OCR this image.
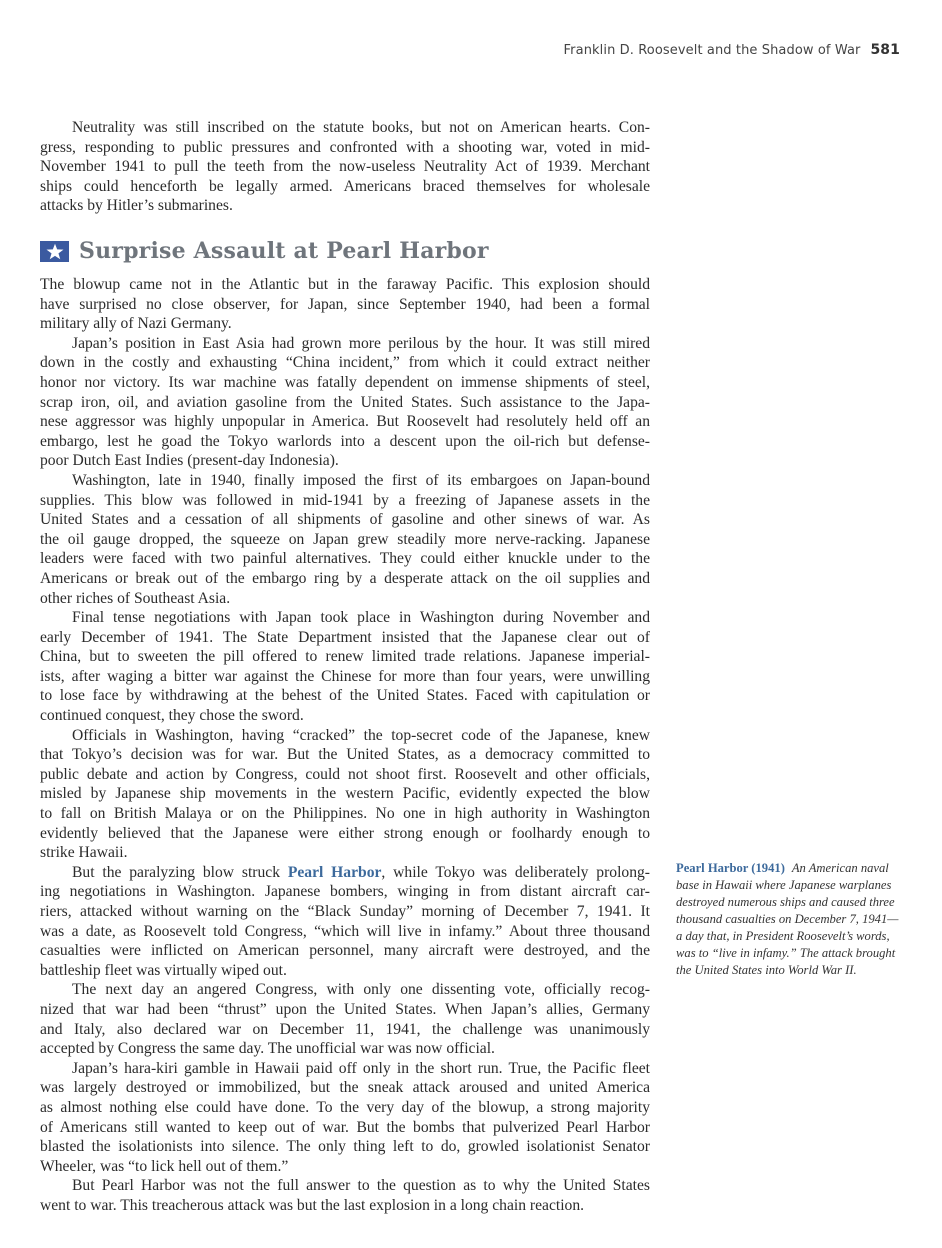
Franklin D. Roosevelt and the Shadow of War 581
Neutrality was still inscribed on the statute books, but not on American hearts. Con-
gress, responding to public pressures and confronted with a shooting war, voted in mid-
November 1941 to pull the teeth from the now-useless Neutrality Act of 1939. Merchant
ships could henceforth be legally armed. Americans braced themselves for wholesale
attacks by Hitler’s submarines.
Surprise Assault at Pearl Harbor
The blowup came not in the Atlantic but in the faraway Pacific. This explosion should
have surprised no close observer, for Japan, since September 1940, had been a formal
military ally of Nazi Germany.
Japan’s position in East Asia had grown more perilous by the hour. It was still mired
down in the costly and exhausting “China incident,” from which it could extract neither
honor nor victory. Its war machine was fatally dependent on immense shipments of steel,
scrap iron, oil, and aviation gasoline from the United States. Such assistance to the Japa-
nese aggressor was highly unpopular in America. But Roosevelt had resolutely held off an
embargo, lest he goad the Tokyo warlords into a descent upon the oil-rich but defense-
poor Dutch East Indies (present-day Indonesia).
Washington, late in 1940, finally imposed the first of its embargoes on Japan-bound
supplies. This blow was followed in mid-1941 by a freezing of Japanese assets in the
United States and a cessation of all shipments of gasoline and other sinews of war. As
the oil gauge dropped, the squeeze on Japan grew steadily more nerve-racking. Japanese
leaders were faced with two painful alternatives. They could either knuckle under to the
Americans or break out of the embargo ring by a desperate attack on the oil supplies and
other riches of Southeast Asia.
Final tense negotiations with Japan took place in Washington during November and
early December of 1941. The State Department insisted that the Japanese clear out of
China, but to sweeten the pill offered to renew limited trade relations. Japanese imperial-
ists, after waging a bitter war against the Chinese for more than four years, were unwilling
to lose face by withdrawing at the behest of the United States. Faced with capitulation or
continued conquest, they chose the sword.
Officials in Washington, having “cracked” the top-secret code of the Japanese, knew
that Tokyo’s decision was for war. But the United States, as a democracy committed to
public debate and action by Congress, could not shoot first. Roosevelt and other officials,
misled by Japanese ship movements in the western Pacific, evidently expected the blow
to fall on British Malaya or on the Philippines. No one in high authority in Washington
evidently believed that the Japanese were either strong enough or foolhardy enough to
strike Hawaii.
But the paralyzing blow struck Pearl Harbor, while Tokyo was deliberately prolong-
ing negotiations in Washington. Japanese bombers, winging in from distant aircraft car-
riers, attacked without warning on the “Black Sunday” morning of December 7, 1941. It
was a date, as Roosevelt told Congress, “which will live in infamy.” About three thousand
casualties were inflicted on American personnel, many aircraft were destroyed, and the
battleship fleet was virtually wiped out.
The next day an angered Congress, with only one dissenting vote, officially recog-
nized that war had been “thrust” upon the United States. When Japan’s allies, Germany
and Italy, also declared war on December 11, 1941, the challenge was unanimously
accepted by Congress the same day. The unofficial war was now official.
Japan’s hara-kiri gamble in Hawaii paid off only in the short run. True, the Pacific fleet
was largely destroyed or immobilized, but the sneak attack aroused and united America
as almost nothing else could have done. To the very day of the blowup, a strong majority
of Americans still wanted to keep out of war. But the bombs that pulverized Pearl Harbor
blasted the isolationists into silence. The only thing left to do, growled isolationist Senator
Wheeler, was “to lick hell out of them.”
But Pearl Harbor was not the full answer to the question as to why the United States
went to war. This treacherous attack was but the last explosion in a long chain reaction.
Pearl Harbor (1941) An American naval base in Hawaii where Japanese warplanes destroyed numerous ships and caused three thousand casualties on December 7, 1941—a day that, in President Roosevelt’s words, was to “live in infamy.” The attack brought the United States into World War II.
